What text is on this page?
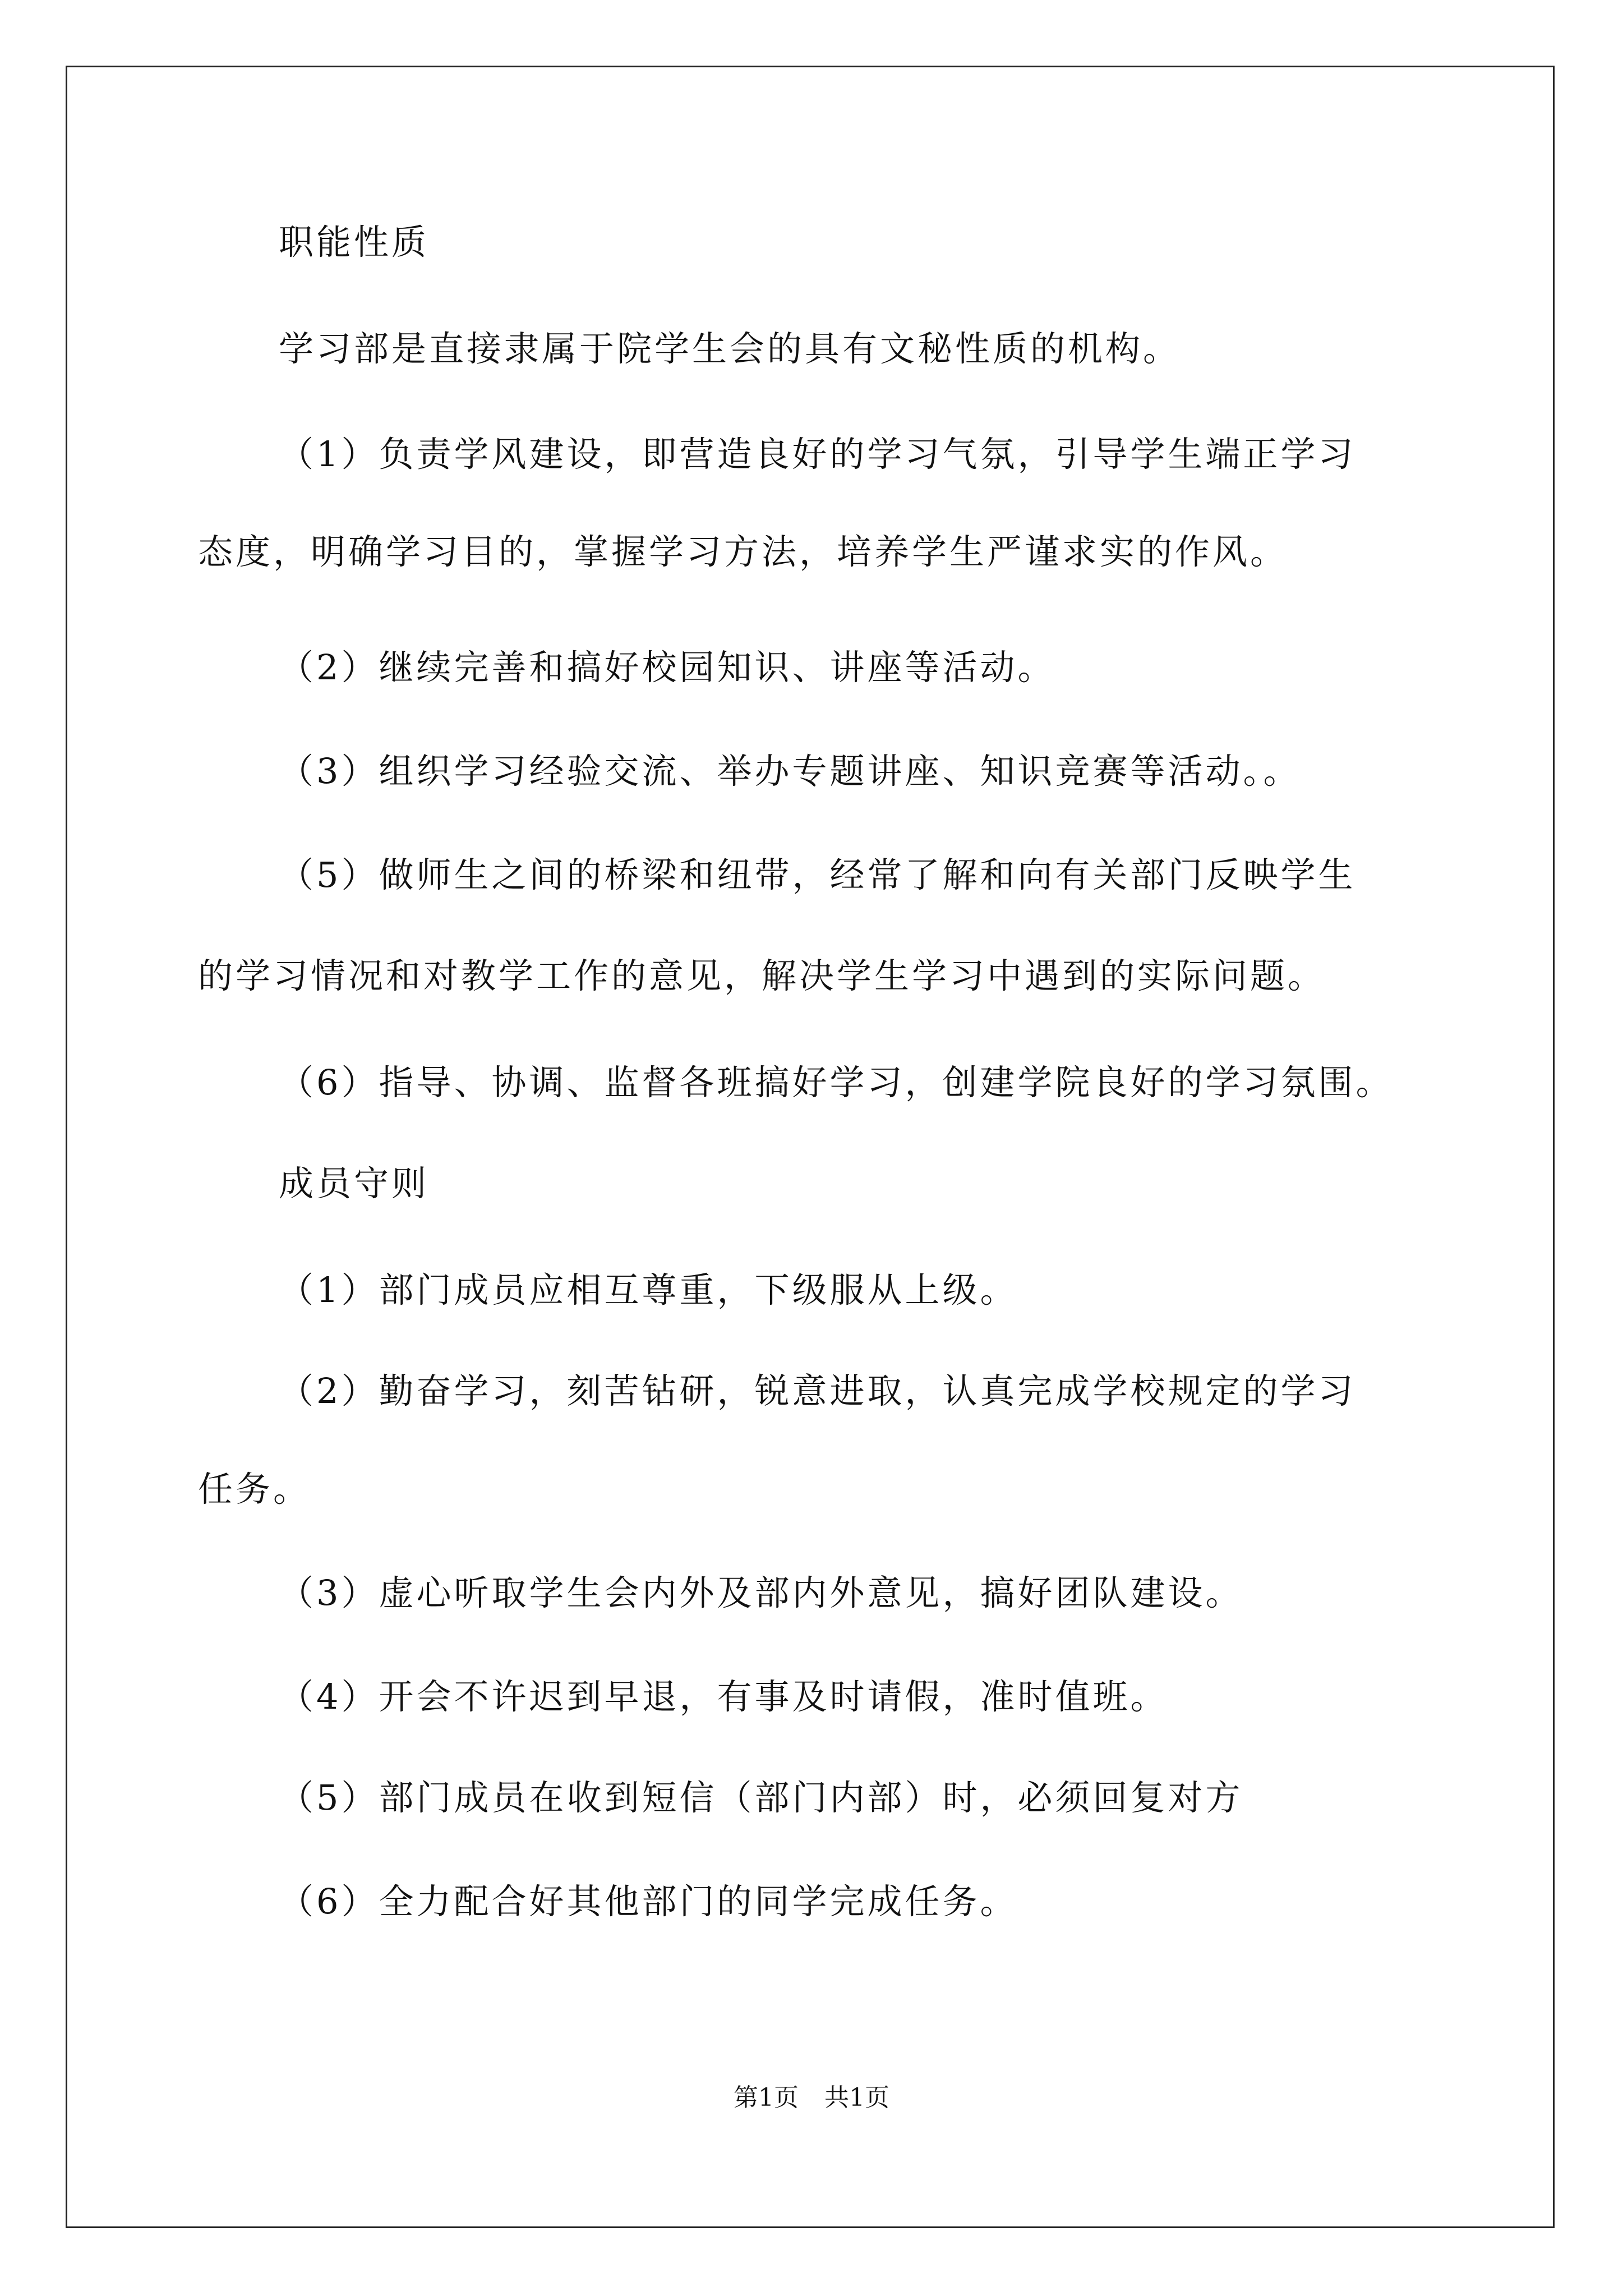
职能性质
学习部是直接隶属于院学生会的具有文秘性质的机构。
（1）负责学风建设，即营造良好的学习气氛，引导学生端正学习
态度，明确学习目的，掌握学习方法，培养学生严谨求实的作风。
（2）继续完善和搞好校园知识、讲座等活动。
（3）组织学习经验交流、举办专题讲座、知识竞赛等活动。。
（5）做师生之间的桥梁和纽带，经常了解和向有关部门反映学生
的学习情况和对教学工作的意见，解决学生学习中遇到的实际问题。
（6）指导、协调、监督各班搞好学习，创建学院良好的学习氛围。
成员守则
（1）部门成员应相互尊重，下级服从上级。
（2）勤奋学习，刻苦钻研，锐意进取，认真完成学校规定的学习
任务。
（3）虚心听取学生会内外及部内外意见，搞好团队建设。
（4）开会不许迟到早退，有事及时请假，准时值班。
（5）部门成员在收到短信（部门内部）时，必须回复对方
（6）全力配合好其他部门的同学完成任务。
第1页 共1页
